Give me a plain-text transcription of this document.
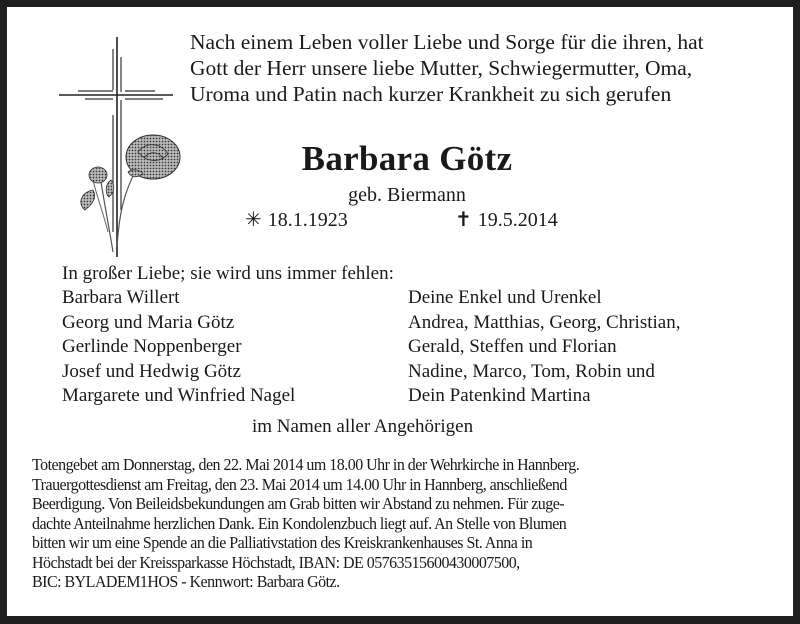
Nach einem Leben voller Liebe und Sorge für die ihren, hat
Gott der Herr unsere liebe Mutter, Schwiegermutter, Oma,
Uroma und Patin nach kurzer Krankheit zu sich gerufen
Barbara Götz
geb. Biermann
✳ 18.1.1923	✝ 19.5.2014
In großer Liebe; sie wird uns immer fehlen:
Barbara Willert
Georg und Maria Götz
Gerlinde Noppenberger
Josef und Hedwig Götz
Margarete und Winfried Nagel
Deine Enkel und Urenkel
Andrea, Matthias, Georg, Christian,
Gerald, Steffen und Florian
Nadine, Marco, Tom, Robin und
Dein Patenkind Martina
im Namen aller Angehörigen
Totengebet am Donnerstag, den 22. Mai 2014 um 18.00 Uhr in der Wehrkirche in Hannberg.
Trauergottesdienst am Freitag, den 23. Mai 2014 um 14.00 Uhr in Hannberg, anschließend
Beerdigung. Von Beileidsbekundungen am Grab bitten wir Abstand zu nehmen. Für zuge-
dachte Anteilnahme herzlichen Dank. Ein Kondolenzbuch liegt auf. An Stelle von Blumen
bitten wir um eine Spende an die Palliativstation des Kreiskrankenhauses St. Anna in
Höchstadt bei der Kreissparkasse Höchstadt, IBAN: DE 05763515600430007500,
BIC: BYLADEM1HOS - Kennwort: Barbara Götz.
